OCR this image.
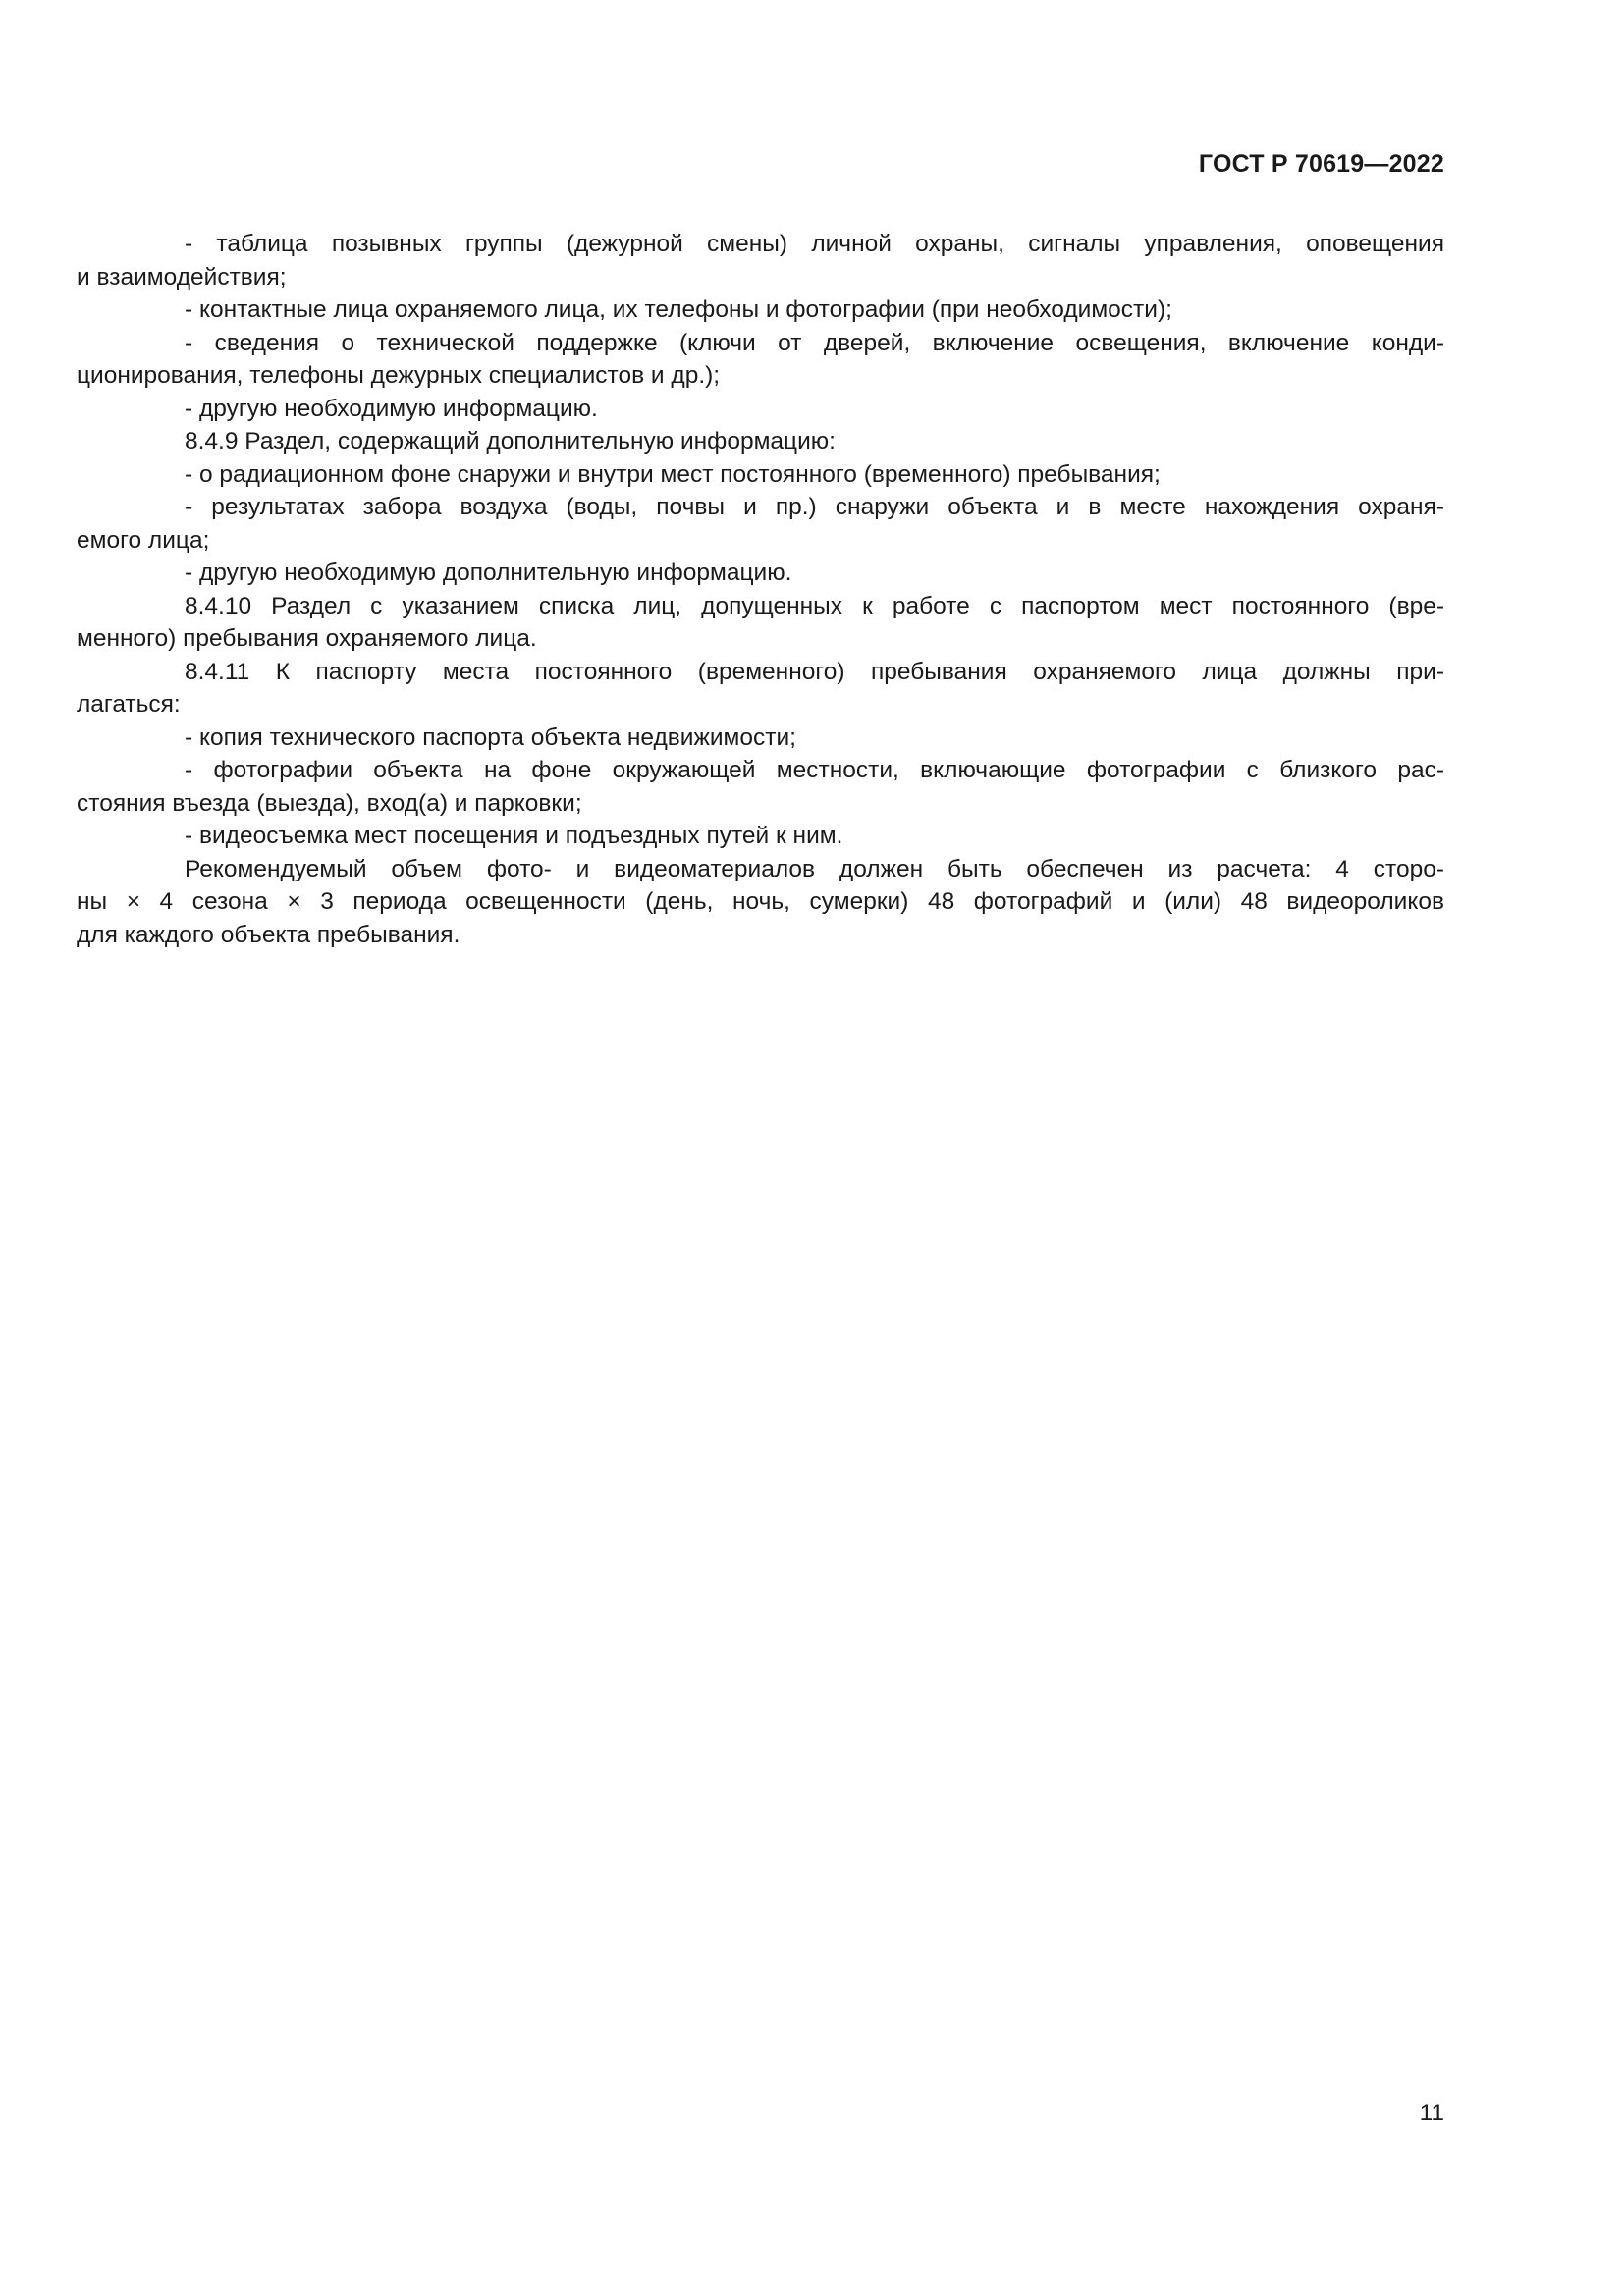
ГОСТ Р 70619—2022
- таблица позывных группы (дежурной смены) личной охраны, сигналы управления, оповещения
и взаимодействия;
- контактные лица охраняемого лица, их телефоны и фотографии (при необходимости);
- сведения о технической поддержке (ключи от дверей, включение освещения, включение конди-
ционирования, телефоны дежурных специалистов и др.);
- другую необходимую информацию.
8.4.9 Раздел, содержащий дополнительную информацию:
- о радиационном фоне снаружи и внутри мест постоянного (временного) пребывания;
- результатах забора воздуха (воды, почвы и пр.) снаружи объекта и в месте нахождения охраня-
емого лица;
- другую необходимую дополнительную информацию.
8.4.10 Раздел с указанием списка лиц, допущенных к работе с паспортом мест постоянного (вре-
менного) пребывания охраняемого лица.
8.4.11 К паспорту места постоянного (временного) пребывания охраняемого лица должны при-
лагаться:
- копия технического паспорта объекта недвижимости;
- фотографии объекта на фоне окружающей местности, включающие фотографии с близкого рас-
стояния въезда (выезда), вход(а) и парковки;
- видеосъемка мест посещения и подъездных путей к ним.
Рекомендуемый объем фото- и видеоматериалов должен быть обеспечен из расчета: 4 сторо-
ны × 4 сезона × 3 периода освещенности (день, ночь, сумерки) 48 фотографий и (или) 48 видеороликов
для каждого объекта пребывания.
11
